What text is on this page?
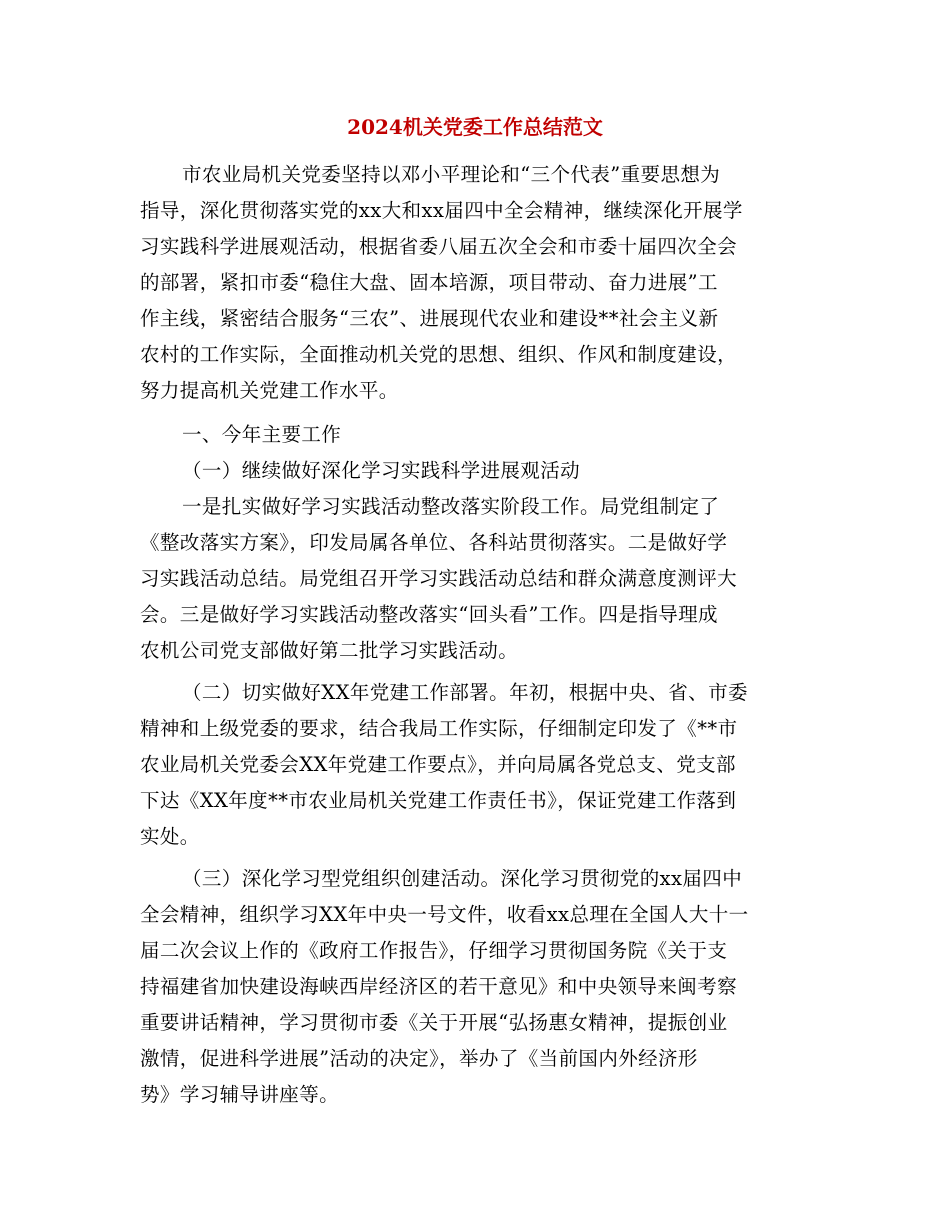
2024机关党委工作总结范文
市农业局机关党委坚持以邓小平理论和“三个代表”重要思想为
指导，深化贯彻落实党的xx大和xx届四中全会精神，继续深化开展学
习实践科学进展观活动，根据省委八届五次全会和市委十届四次全会
的部署，紧扣市委“稳住大盘、固本培源，项目带动、奋力进展”工
作主线，紧密结合服务“三农”、进展现代农业和建设**社会主义新
农村的工作实际，全面推动机关党的思想、组织、作风和制度建设，
努力提高机关党建工作水平。
一、今年主要工作
（一）继续做好深化学习实践科学进展观活动
一是扎实做好学习实践活动整改落实阶段工作。局党组制定了
《整改落实方案》，印发局属各单位、各科站贯彻落实。二是做好学
习实践活动总结。局党组召开学习实践活动总结和群众满意度测评大
会。三是做好学习实践活动整改落实“回头看”工作。四是指导理成
农机公司党支部做好第二批学习实践活动。
（二）切实做好XX年党建工作部署。年初，根据中央、省、市委
精神和上级党委的要求，结合我局工作实际，仔细制定印发了《**市
农业局机关党委会XX年党建工作要点》，并向局属各党总支、党支部
下达《XX年度**市农业局机关党建工作责任书》，保证党建工作落到
实处。
（三）深化学习型党组织创建活动。深化学习贯彻党的xx届四中
全会精神，组织学习XX年中央一号文件，收看xx总理在全国人大十一
届二次会议上作的《政府工作报告》，仔细学习贯彻国务院《关于支
持福建省加快建设海峡西岸经济区的若干意见》和中央领导来闽考察
重要讲话精神，学习贯彻市委《关于开展“弘扬惠女精神，提振创业
激情，促进科学进展”活动的决定》，举办了《当前国内外经济形
势》学习辅导讲座等。
